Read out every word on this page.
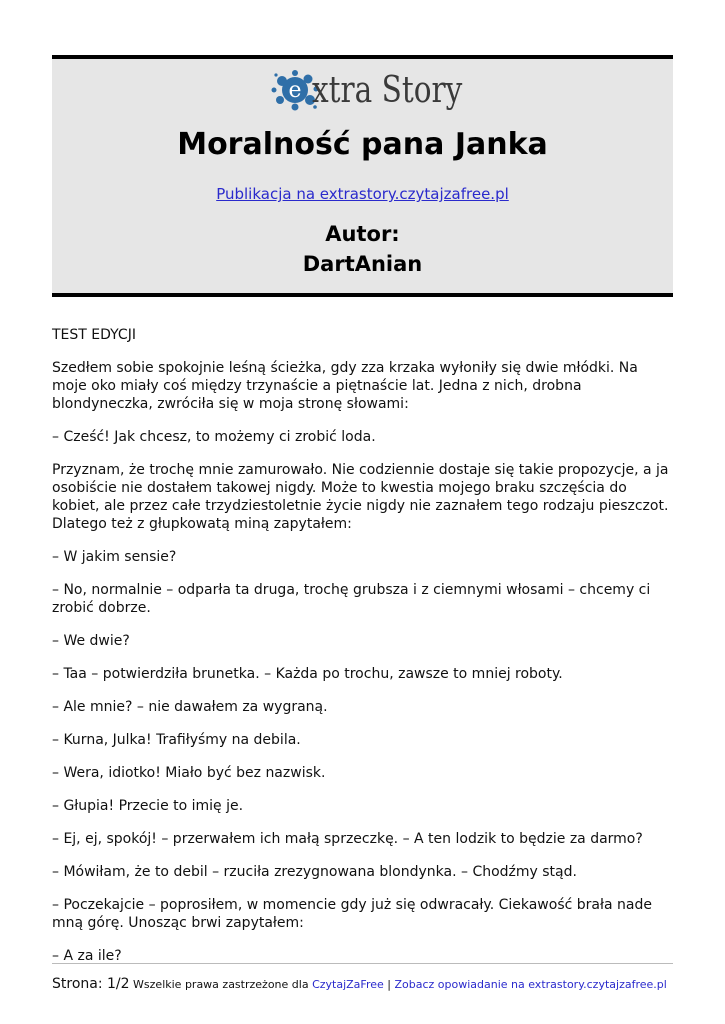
e xtra Story
Moralność pana Janka
Publikacja na extrastory.czytajzafree.pl
Autor:
DartAnian

TEST EDYCJI

Szedłem sobie spokojnie leśną ścieżka, gdy zza krzaka wyłoniły się dwie młódki. Na moje oko miały coś między trzynaście a piętnaście lat. Jedna z nich, drobna blondyneczka, zwróciła się w moja stronę słowami:

– Cześć! Jak chcesz, to możemy ci zrobić loda.

Przyznam, że trochę mnie zamurowało. Nie codziennie dostaje się takie propozycje, a ja osobiście nie dostałem takowej nigdy. Może to kwestia mojego braku szczęścia do kobiet, ale przez całe trzydziestoletnie życie nigdy nie zaznałem tego rodzaju pieszczot. Dlatego też z głupkowatą miną zapytałem:

– W jakim sensie?

– No, normalnie – odparła ta druga, trochę grubsza i z ciemnymi włosami – chcemy ci zrobić dobrze.

– We dwie?

– Taa – potwierdziła brunetka. – Każda po trochu, zawsze to mniej roboty.

– Ale mnie? – nie dawałem za wygraną.

– Kurna, Julka! Trafiłyśmy na debila.

– Wera, idiotko! Miało być bez nazwisk.

– Głupia! Przecie to imię je.

– Ej, ej, spokój! – przerwałem ich małą sprzeczkę. – A ten lodzik to będzie za darmo?

– Mówiłam, że to debil – rzuciła zrezygnowana blondynka. – Chodźmy stąd.

– Poczekajcie – poprosiłem, w momencie gdy już się odwracały. Ciekawość brała nade mną górę. Unosząc brwi zapytałem:

– A za ile?

Strona: 1/2 Wszelkie prawa zastrzeżone dla CzytajZaFree | Zobacz opowiadanie na extrastory.czytajzafree.pl
